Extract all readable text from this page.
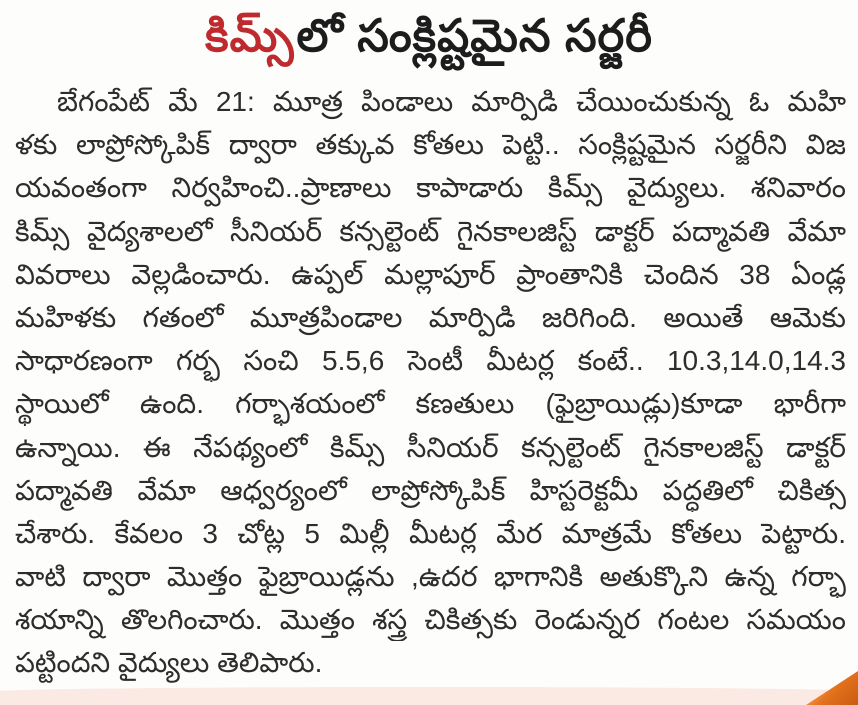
కిమ్స్లో సంక్లిష్టమైన సర్జరీ
బేగంపేట్ మే 21: మూత్ర పిండాలు మార్పిడి చేయించుకున్న ఓ మహి
ళకు లాప్రోస్కోపిక్ ద్వారా తక్కువ కోతలు పెట్టి.. సంక్లిష్టమైన సర్జరీని విజ
యవంతంగా నిర్వహించి..ప్రాణాలు కాపాడారు కిమ్స్ వైద్యులు. శనివారం
కిమ్స్ వైద్యశాలలో సీనియర్ కన్సల్టెంట్ గైనకాలజిస్ట్ డాక్టర్ పద్మావతి వేమా
వివరాలు వెల్లడించారు. ఉప్పల్ మల్లాపూర్ ప్రాంతానికి చెందిన 38 ఏండ్ల
మహిళకు గతంలో మూత్రపిండాల మార్పిడి జరిగింది. అయితే ఆమెకు
సాధారణంగా గర్భ సంచి 5.5,6 సెంటీ మీటర్ల కంటే.. 10.3,14.0,14.3
స్థాయిలో ఉంది. గర్భాశయంలో కణతులు (ఫైబ్రాయిడ్లు)కూడా భారీగా
ఉన్నాయి. ఈ నేపథ్యంలో కిమ్స్ సీనియర్ కన్సల్టెంట్ గైనకాలజిస్ట్ డాక్టర్
పద్మావతి వేమా ఆధ్వర్యంలో లాప్రోస్కోపిక్ హిస్టరెక్టమీ పద్ధతిలో చికిత్స
చేశారు. కేవలం 3 చోట్ల 5 మిల్లీ మీటర్ల మేర మాత్రమే కోతలు పెట్టారు.
వాటి ద్వారా మొత్తం ఫైబ్రాయిడ్లను ,ఉదర భాగానికి అతుక్కొని ఉన్న గర్భా
శయాన్ని తొలగించారు. మొత్తం శస్త్ర చికిత్సకు రెండున్నర గంటల సమయం
పట్టిందని వైద్యులు తెలిపారు.
